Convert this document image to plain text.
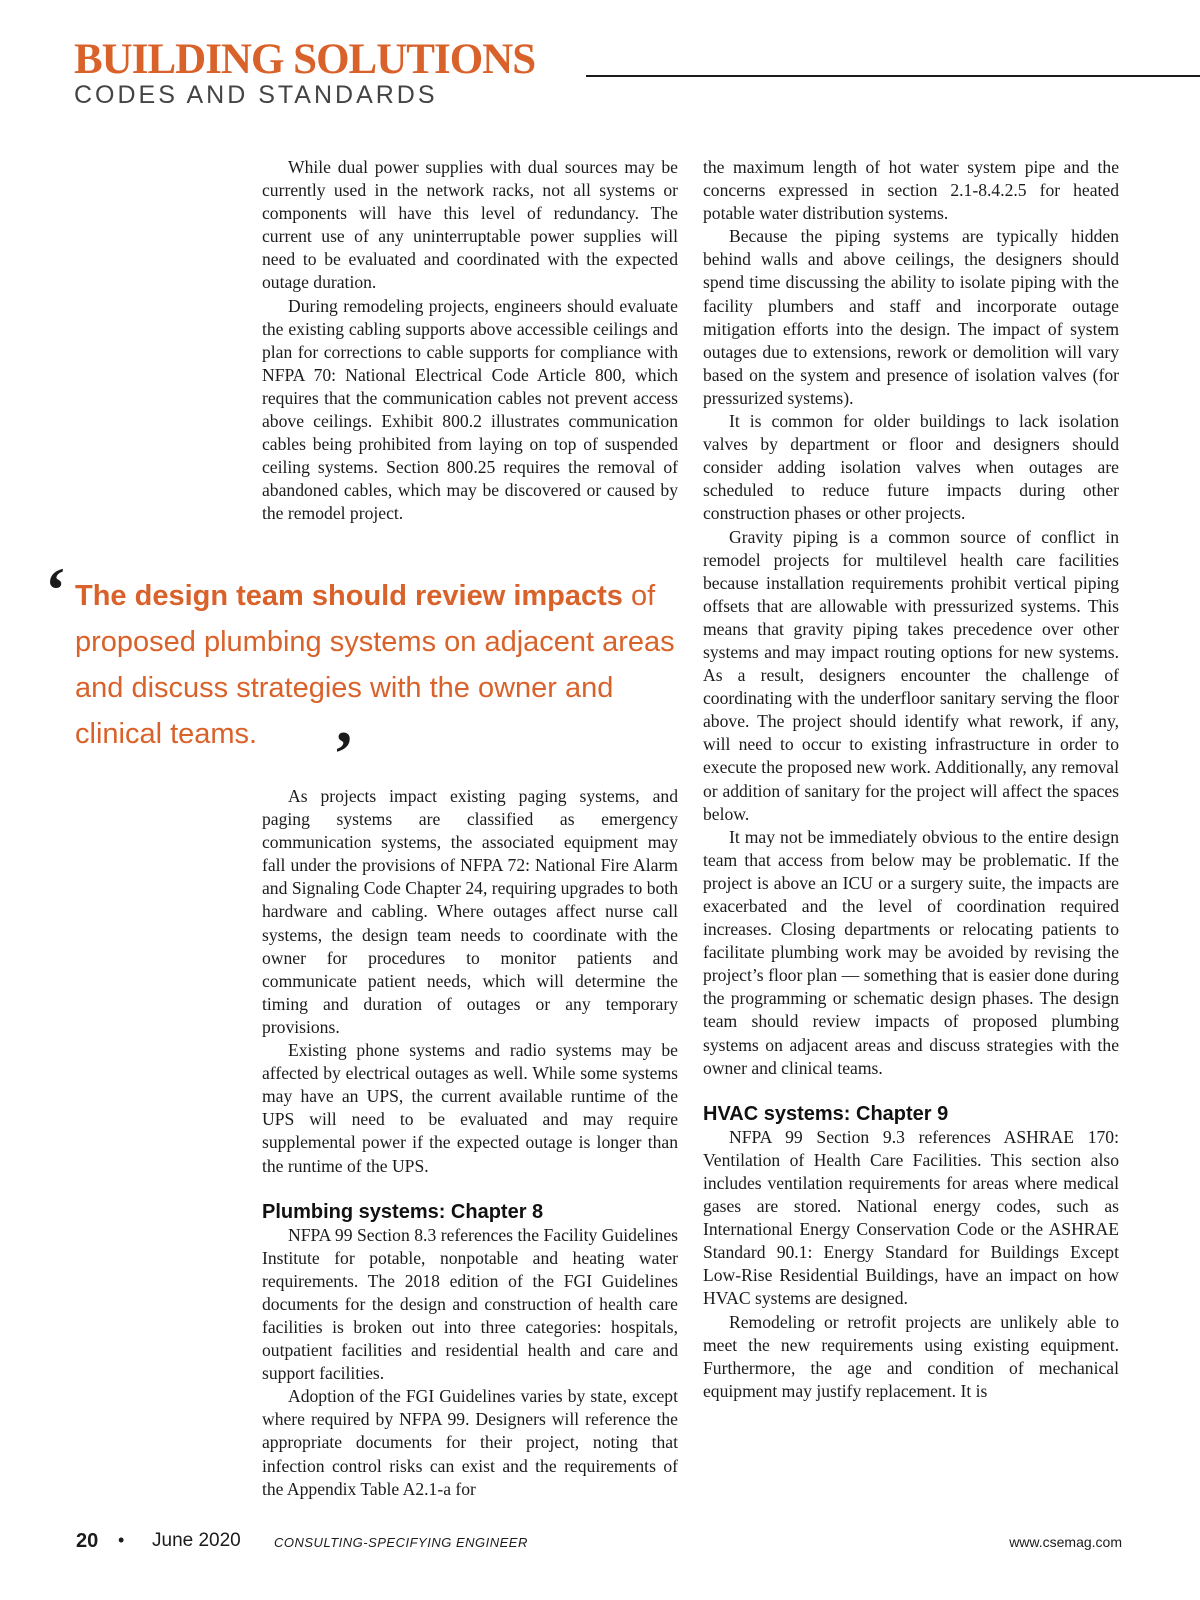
BUILDING SOLUTIONS
CODES AND STANDARDS

While dual power supplies with dual sources may be currently used in the network racks, not all systems or components will have this level of redundancy. The current use of any uninterruptable power supplies will need to be evaluated and coordinated with the expected outage duration.

During remodeling projects, engineers should evaluate the existing cabling supports above accessible ceilings and plan for corrections to cable supports for compliance with NFPA 70: National Electrical Code Article 800, which requires that the communication cables not prevent access above ceilings. Exhibit 800.2 illustrates communication cables being prohibited from laying on top of suspended ceiling systems. Section 800.25 requires the removal of abandoned cables, which may be discovered or caused by the remodel project.

‘ The design team should review impacts of proposed plumbing systems on adjacent areas and discuss strategies with the owner and clinical teams.	’

As projects impact existing paging systems, and paging systems are classified as emergency communication systems, the associated equipment may fall under the provisions of NFPA 72: National Fire Alarm and Signaling Code Chapter 24, requiring upgrades to both hardware and cabling. Where outages affect nurse call systems, the design team needs to coordinate with the owner for procedures to monitor patients and communicate patient needs, which will determine the timing and duration of outages or any temporary provisions.

Existing phone systems and radio systems may be affected by electrical outages as well. While some systems may have an UPS, the current available runtime of the UPS will need to be evaluated and may require supplemental power if the expected outage is longer than the runtime of the UPS.

Plumbing systems: Chapter 8

NFPA 99 Section 8.3 references the Facility Guidelines Institute for potable, nonpotable and heating water requirements. The 2018 edition of the FGI Guidelines documents for the design and construction of health care facilities is broken out into three categories: hospitals, outpatient facilities and residential health and care and support facilities.

Adoption of the FGI Guidelines varies by state, except where required by NFPA 99. Designers will reference the appropriate documents for their project, noting that infection control risks can exist and the requirements of the Appendix Table A2.1-a for

the maximum length of hot water system pipe and the concerns expressed in section 2.1-8.4.2.5 for heated potable water distribution systems.

Because the piping systems are typically hidden behind walls and above ceilings, the designers should spend time discussing the ability to isolate piping with the facility plumbers and staff and incorporate outage mitigation efforts into the design. The impact of system outages due to extensions, rework or demolition will vary based on the system and presence of isolation valves (for pressurized systems).

It is common for older buildings to lack isolation valves by department or floor and designers should consider adding isolation valves when outages are scheduled to reduce future impacts during other construction phases or other projects.

Gravity piping is a common source of conflict in remodel projects for multilevel health care facilities because installation requirements prohibit vertical piping offsets that are allowable with pressurized systems. This means that gravity piping takes precedence over other systems and may impact routing options for new systems. As a result, designers encounter the challenge of coordinating with the underfloor sanitary serving the floor above. The project should identify what rework, if any, will need to occur to existing infrastructure in order to execute the proposed new work. Additionally, any removal or addition of sanitary for the project will affect the spaces below.

It may not be immediately obvious to the entire design team that access from below may be problematic. If the project is above an ICU or a surgery suite, the impacts are exacerbated and the level of coordination required increases. Closing departments or relocating patients to facilitate plumbing work may be avoided by revising the project’s floor plan — something that is easier done during the programming or schematic design phases. The design team should review impacts of proposed plumbing systems on adjacent areas and discuss strategies with the owner and clinical teams.

HVAC systems: Chapter 9

NFPA 99 Section 9.3 references ASHRAE 170: Ventilation of Health Care Facilities. This section also includes ventilation requirements for areas where medical gases are stored. National energy codes, such as International Energy Conservation Code or the ASHRAE Standard 90.1: Energy Standard for Buildings Except Low-Rise Residential Buildings, have an impact on how HVAC systems are designed.

Remodeling or retrofit projects are unlikely able to meet the new requirements using existing equipment. Furthermore, the age and condition of mechanical equipment may justify replacement. It is

20 • June 2020	CONSULTING-SPECIFYING ENGINEER	www.csemag.com
